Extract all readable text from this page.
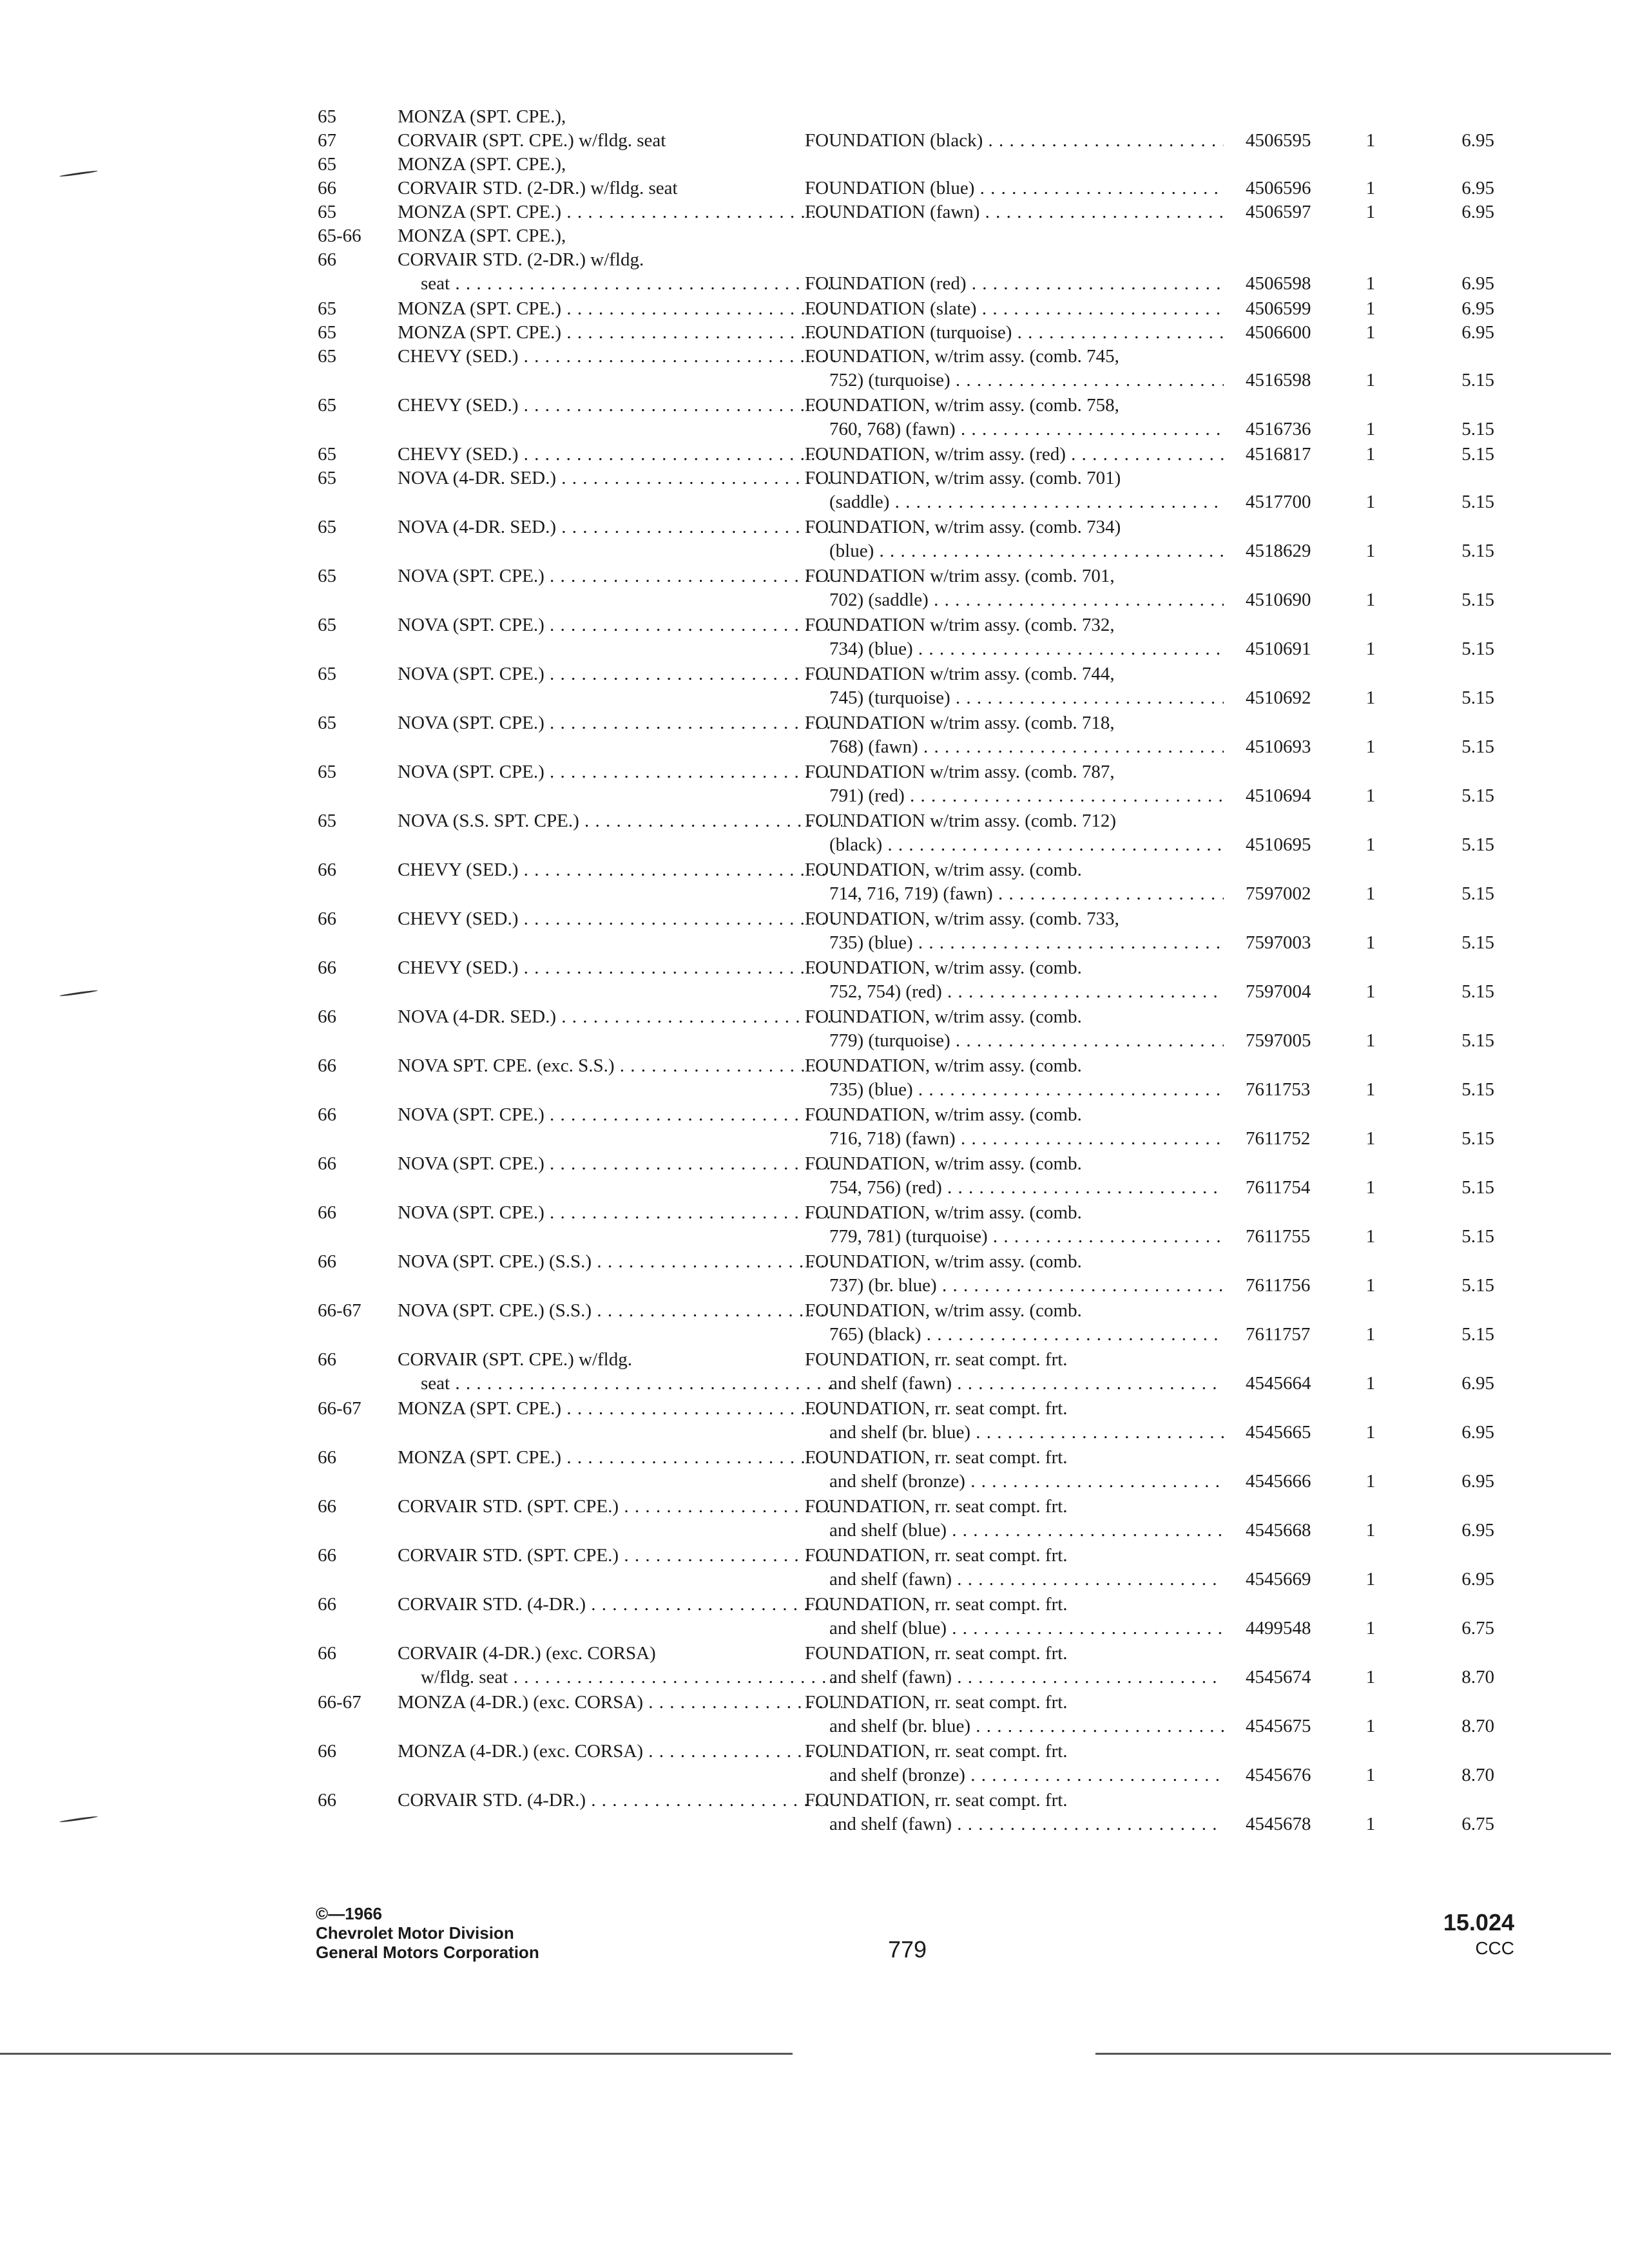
65	MONZA (SPT. CPE.),
67	CORVAIR (SPT. CPE.) w/fldg. seat	FOUNDATION (black) . . .	4506595	1	6.95
65	MONZA (SPT. CPE.),
66	CORVAIR STD. (2-DR.) w/fldg. seat	FOUNDATION (blue) . . .	4506596	1	6.95
65	MONZA (SPT. CPE.) . . .	FOUNDATION (fawn) . . .	4506597	1	6.95
65-66	MONZA (SPT. CPE.),
66	CORVAIR STD. (2-DR.) w/fldg.
seat . . .	FOUNDATION (red) . . .	4506598	1	6.95
65	MONZA (SPT. CPE.) . . .	FOUNDATION (slate) . . .	4506599	1	6.95
65	MONZA (SPT. CPE.) . . .	FOUNDATION (turquoise) . . .	4506600	1	6.95
65	CHEVY (SED.) . . .	FOUNDATION, w/trim assy. (comb. 745,
752) (turquoise) . . .	4516598	1	5.15
65	CHEVY (SED.) . . .	FOUNDATION, w/trim assy. (comb. 758,
760, 768) (fawn) . . .	4516736	1	5.15
65	CHEVY (SED.) . . .	FOUNDATION, w/trim assy. (red) . . .	4516817	1	5.15
65	NOVA (4-DR. SED.) . . .	FOUNDATION, w/trim assy. (comb. 701)
(saddle) . . .	4517700	1	5.15
65	NOVA (4-DR. SED.) . . .	FOUNDATION, w/trim assy. (comb. 734)
(blue) . . .	4518629	1	5.15
65	NOVA (SPT. CPE.) . . .	FOUNDATION w/trim assy. (comb. 701,
702) (saddle) . . .	4510690	1	5.15
65	NOVA (SPT. CPE.) . . .	FOUNDATION w/trim assy. (comb. 732,
734) (blue) . . .	4510691	1	5.15
65	NOVA (SPT. CPE.) . . .	FOUNDATION w/trim assy. (comb. 744,
745) (turquoise) . . .	4510692	1	5.15
65	NOVA (SPT. CPE.) . . .	FOUNDATION w/trim assy. (comb. 718,
768) (fawn) . . .	4510693	1	5.15
65	NOVA (SPT. CPE.) . . .	FOUNDATION w/trim assy. (comb. 787,
791) (red) . . .	4510694	1	5.15
65	NOVA (S.S. SPT. CPE.) . . .	FOUNDATION w/trim assy. (comb. 712)
(black) . . .	4510695	1	5.15
66	CHEVY (SED.) . . .	FOUNDATION, w/trim assy. (comb.
714, 716, 719) (fawn) . . .	7597002	1	5.15
66	CHEVY (SED.) . . .	FOUNDATION, w/trim assy. (comb. 733,
735) (blue) . . .	7597003	1	5.15
66	CHEVY (SED.) . . .	FOUNDATION, w/trim assy. (comb.
752, 754) (red) . . .	7597004	1	5.15
66	NOVA (4-DR. SED.) . . .	FOUNDATION, w/trim assy. (comb.
779) (turquoise) . . .	7597005	1	5.15
66	NOVA SPT. CPE. (exc. S.S.) . . .	FOUNDATION, w/trim assy. (comb.
735) (blue) . . .	7611753	1	5.15
66	NOVA (SPT. CPE.) . . .	FOUNDATION, w/trim assy. (comb.
716, 718) (fawn) . . .	7611752	1	5.15
66	NOVA (SPT. CPE.) . . .	FOUNDATION, w/trim assy. (comb.
754, 756) (red) . . .	7611754	1	5.15
66	NOVA (SPT. CPE.) . . .	FOUNDATION, w/trim assy. (comb.
779, 781) (turquoise) . . .	7611755	1	5.15
66	NOVA (SPT. CPE.) (S.S.) . . .	FOUNDATION, w/trim assy. (comb.
737) (br. blue) . . .	7611756	1	5.15
66-67	NOVA (SPT. CPE.) (S.S.) . . .	FOUNDATION, w/trim assy. (comb.
765) (black) . . .	7611757	1	5.15
66	CORVAIR (SPT. CPE.) w/fldg.	FOUNDATION, rr. seat compt. frt.
seat . . .	and shelf (fawn) . . .	4545664	1	6.95
66-67	MONZA (SPT. CPE.) . . .	FOUNDATION, rr. seat compt. frt.
and shelf (br. blue) . . .	4545665	1	6.95
66	MONZA (SPT. CPE.) . . .	FOUNDATION, rr. seat compt. frt.
and shelf (bronze) . . .	4545666	1	6.95
66	CORVAIR STD. (SPT. CPE.) . . .	FOUNDATION, rr. seat compt. frt.
and shelf (blue) . . .	4545668	1	6.95
66	CORVAIR STD. (SPT. CPE.) . . .	FOUNDATION, rr. seat compt. frt.
and shelf (fawn) . . .	4545669	1	6.95
66	CORVAIR STD. (4-DR.) . . .	FOUNDATION, rr. seat compt. frt.
and shelf (blue) . . .	4499548	1	6.75
66	CORVAIR (4-DR.) (exc. CORSA)	FOUNDATION, rr. seat compt. frt.
w/fldg. seat . . .	and shelf (fawn) . . .	4545674	1	8.70
66-67	MONZA (4-DR.) (exc. CORSA) . . .	FOUNDATION, rr. seat compt. frt.
and shelf (br. blue) . . .	4545675	1	8.70
66	MONZA (4-DR.) (exc. CORSA) . . .	FOUNDATION, rr. seat compt. frt.
and shelf (bronze) . . .	4545676	1	8.70
66	CORVAIR STD. (4-DR.) . . .	FOUNDATION, rr. seat compt. frt.
and shelf (fawn) . . .	4545678	1	6.75
©—1966
Chevrolet Motor Division
General Motors Corporation	779
15.024
CCC
